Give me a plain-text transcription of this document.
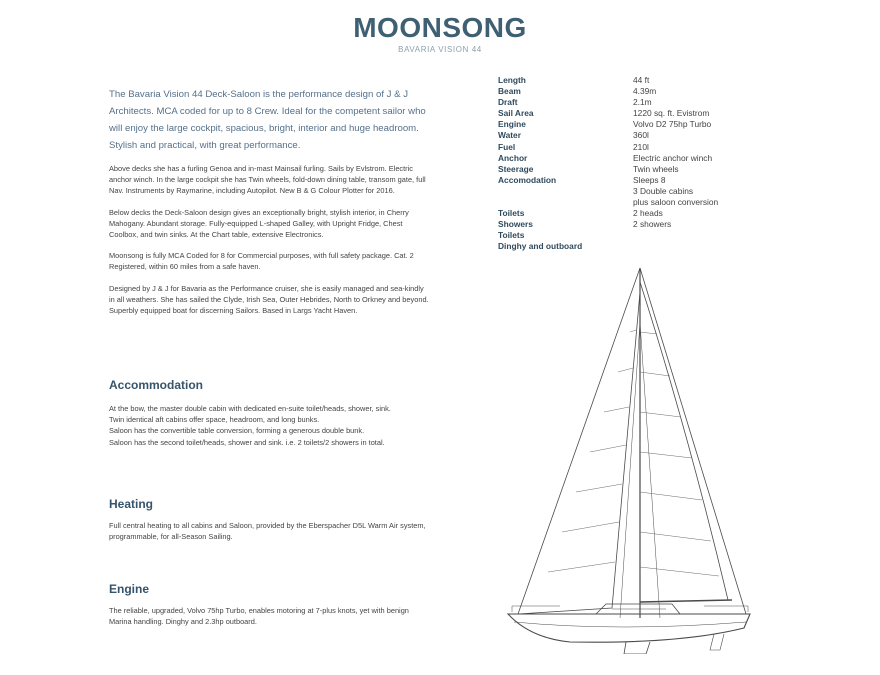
MOONSONG
BAVARIA VISION 44

The Bavaria Vision 44 Deck-Saloon is the performance design of J & J Architects. MCA coded for up to 8 Crew. Ideal for the competent sailor who will enjoy the large cockpit, spacious, bright, interior and huge headroom. Stylish and practical, with great performance.

Above decks she has a furling Genoa and in-mast Mainsail furling. Sails by Evlstrom. Electric anchor winch. In the large cockpit she has Twin wheels, fold-down dining table, transom gate, full Nav. Instruments by Raymarine, including Autopilot. New B & G Colour Plotter for 2016.

Below decks the Deck-Saloon design gives an exceptionally bright, stylish interior, in Cherry Mahogany. Abundant storage. Fully-equipped L-shaped Galley, with Upright Fridge, Chest Coolbox, and twin sinks. At the Chart table, extensive Electronics.

Moonsong is fully MCA Coded for 8 for Commercial purposes, with full safety package. Cat. 2 Registered, within 60 miles from a safe haven.

Designed by J & J for Bavaria as the Performance cruiser, she is easily managed and sea-kindly in all weathers. She has sailed the Clyde, Irish Sea, Outer Hebrides, North to Orkney and beyond. Superbly equipped boat for discerning Sailors. Based in Largs Yacht Haven.

Accommodation
At the bow, the master double cabin with dedicated en-suite toilet/heads, shower, sink.
Twin identical aft cabins offer space, headroom, and long bunks.
Saloon has the convertible table conversion, forming a generous double bunk.
Saloon has the second toilet/heads, shower and sink. i.e. 2 toilets/2 showers in total.
Heating
Full central heating to all cabins and Saloon, provided by the Eberspacher D5L Warm Air system, programmable, for all-Season Sailing.
Engine
The reliable, upgraded, Volvo 75hp Turbo, enables motoring at 7-plus knots, yet with benign Marina handling. Dinghy and 2.3hp outboard.
Length	44 ft
Beam	4.39m
Draft	2.1m
Sail Area	1220 sq. ft. Evistrom
Engine	Volvo D2 75hp Turbo
Water	360l
Fuel	210l
Anchor	Electric anchor winch
Steerage	Twin wheels
Accomodation	Sleeps 8
3 Double cabins
plus saloon conversion
Toilets	2 heads
Showers	2 showers
Toilets
Dinghy and outboard
